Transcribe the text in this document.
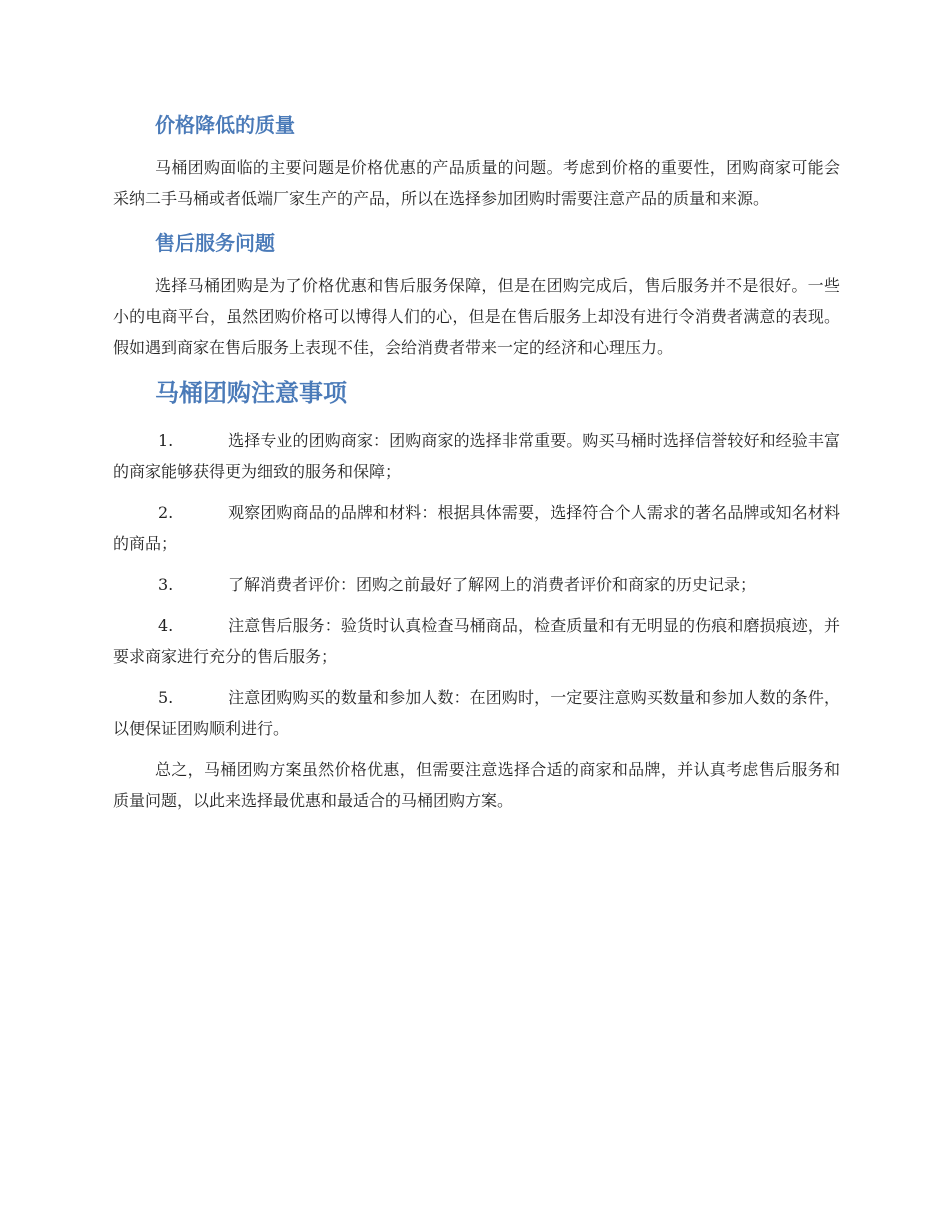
价格降低的质量

马桶团购面临的主要问题是价格优惠的产品质量的问题。考虑到价格的重要性，团购商家可能会采纳二手马桶或者低端厂家生产的产品，所以在选择参加团购时需要注意产品的质量和来源。

售后服务问题

选择马桶团购是为了价格优惠和售后服务保障，但是在团购完成后，售后服务并不是很好。一些小的电商平台，虽然团购价格可以博得人们的心，但是在售后服务上却没有进行令消费者满意的表现。假如遇到商家在售后服务上表现不佳，会给消费者带来一定的经济和心理压力。

马桶团购注意事项

1.	选择专业的团购商家：团购商家的选择非常重要。购买马桶时选择信誉较好和经验丰富的商家能够获得更为细致的服务和保障；

2.	观察团购商品的品牌和材料：根据具体需要，选择符合个人需求的著名品牌或知名材料的商品；

3.	了解消费者评价：团购之前最好了解网上的消费者评价和商家的历史记录；

4.	注意售后服务：验货时认真检查马桶商品，检查质量和有无明显的伤痕和磨损痕迹，并要求商家进行充分的售后服务；

5.	注意团购购买的数量和参加人数：在团购时，一定要注意购买数量和参加人数的条件，以便保证团购顺利进行。

总之，马桶团购方案虽然价格优惠，但需要注意选择合适的商家和品牌，并认真考虑售后服务和质量问题，以此来选择最优惠和最适合的马桶团购方案。
